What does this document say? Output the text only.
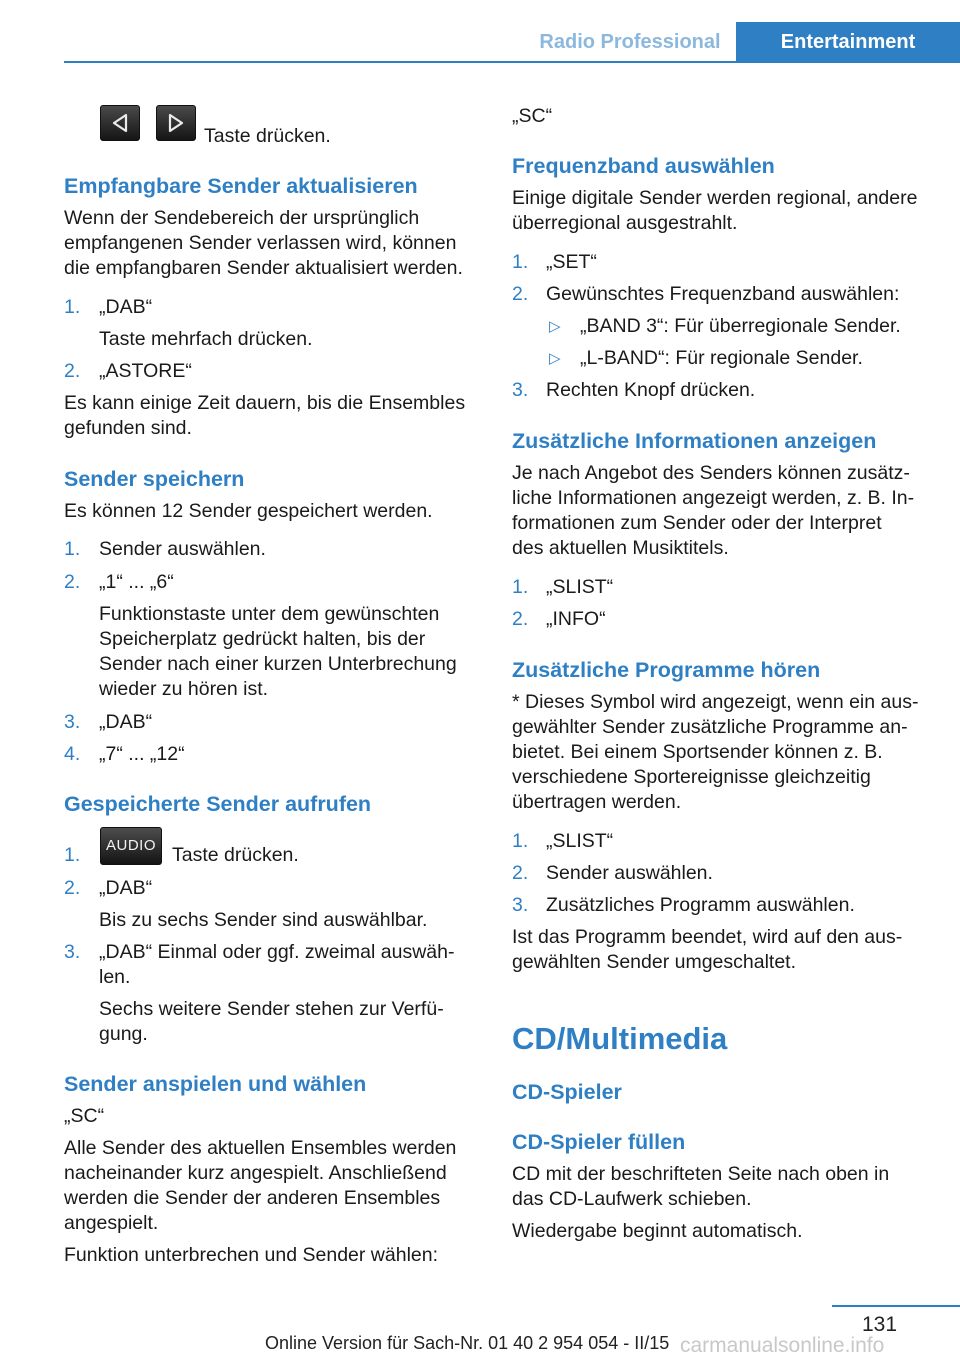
Radio Professional	Entertainment
Taste drücken.
Empfangbare Sender aktualisieren
Wenn der Sendebereich der ursprünglich
empfangenen Sender verlassen wird, können
die empfangbaren Sender aktualisiert werden.
1. „DAB“
Taste mehrfach drücken.
2. „ASTORE“
Es kann einige Zeit dauern, bis die Ensembles
gefunden sind.
Sender speichern
Es können 12 Sender gespeichert werden.
1. Sender auswählen.
2. „1“ ... „6“
Funktionstaste unter dem gewünschten
Speicherplatz gedrückt halten, bis der
Sender nach einer kurzen Unterbrechung
wieder zu hören ist.
3. „DAB“
4. „7“ ... „12“
Gespeicherte Sender aufrufen
1.	AUDIO Taste drücken.
2. „DAB“
Bis zu sechs Sender sind auswählbar.
3. „DAB“ Einmal oder ggf. zweimal auswäh-
len.
Sechs weitere Sender stehen zur Verfü-
gung.
Sender anspielen und wählen
„SC“
Alle Sender des aktuellen Ensembles werden
nacheinander kurz angespielt. Anschließend
werden die Sender der anderen Ensembles
angespielt.
Funktion unterbrechen und Sender wählen:
„SC“
Frequenzband auswählen
Einige digitale Sender werden regional, andere
überregional ausgestrahlt.
1. „SET“
2. Gewünschtes Frequenzband auswählen:
▷ „BAND 3“: Für überregionale Sender.
▷ „L-BAND“: Für regionale Sender.
3. Rechten Knopf drücken.
Zusätzliche Informationen anzeigen
Je nach Angebot des Senders können zusätz-
liche Informationen angezeigt werden, z. B. In-
formationen zum Sender oder der Interpret
des aktuellen Musiktitels.
1. „SLIST“
2. „INFO“
Zusätzliche Programme hören
* Dieses Symbol wird angezeigt, wenn ein aus-
gewählter Sender zusätzliche Programme an-
bietet. Bei einem Sportsender können z. B.
verschiedene Sportereignisse gleichzeitig
übertragen werden.
1. „SLIST“
2. Sender auswählen.
3. Zusätzliches Programm auswählen.
Ist das Programm beendet, wird auf den aus-
gewählten Sender umgeschaltet.
CD/Multimedia
CD-Spieler
CD-Spieler füllen
CD mit der beschrifteten Seite nach oben in
das CD-Laufwerk schieben.
Wiedergabe beginnt automatisch.
131
Online Version für Sach-Nr. 01 40 2 954 054 - II/15 carmanualsonline.info
